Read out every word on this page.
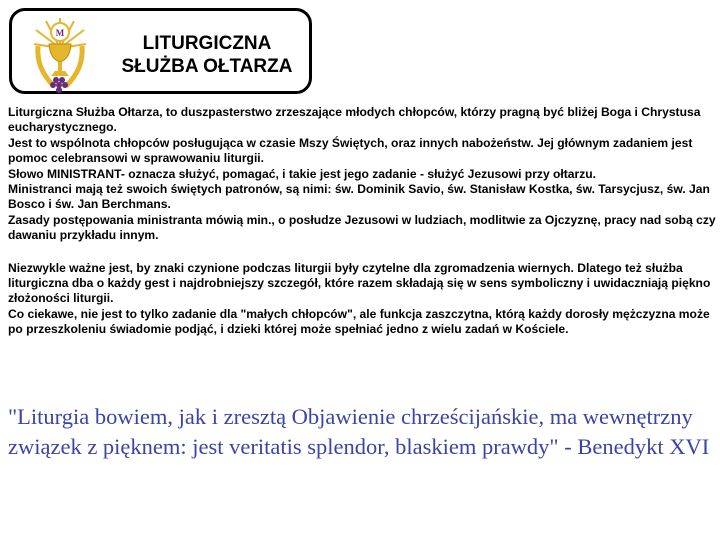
M	LITURGICZNA
SŁUŻBA OŁTARZA

Liturgiczna Służba Ołtarza, to duszpasterstwo zrzeszające młodych chłopców, którzy pragną być bliżej Boga i Chrystusa eucharystycznego.

Jest to wspólnota chłopców posługująca w czasie Mszy Świętych, oraz innych nabożeństw. Jej głównym zadaniem jest pomoc celebransowi w sprawowaniu liturgii.

Słowo MINISTRANT- oznacza służyć, pomagać, i takie jest jego zadanie - służyć Jezusowi przy ołtarzu.

Ministranci mają też swoich świętych patronów, są nimi: św. Dominik Savio, św. Stanisław Kostka, św. Tarsycjusz, św. Jan Bosco i św. Jan Berchmans.

Zasady postępowania ministranta mówią min., o posłudze Jezusowi w ludziach, modlitwie za Ojczyznę, pracy nad sobą czy dawaniu przykładu innym.

Niezwykle ważne jest, by znaki czynione podczas liturgii były czytelne dla zgromadzenia wiernych. Dlatego też służba liturgiczna dba o każdy gest i najdrobniejszy szczegół, które razem składają się w sens symboliczny i uwidaczniają piękno złożoności liturgii.

Co ciekawe, nie jest to tylko zadanie dla "małych chłopców", ale funkcja zaszczytna, którą każdy dorosły mężczyzna może po przeszkoleniu świadomie podjąć, i dzieki której może spełniać jedno z wielu zadań w Kościele.

"Liturgia bowiem, jak i zresztą Objawienie chrześcijańskie, ma wewnętrzny związek z pięknem: jest veritatis splendor, blaskiem prawdy" - Benedykt XVI
